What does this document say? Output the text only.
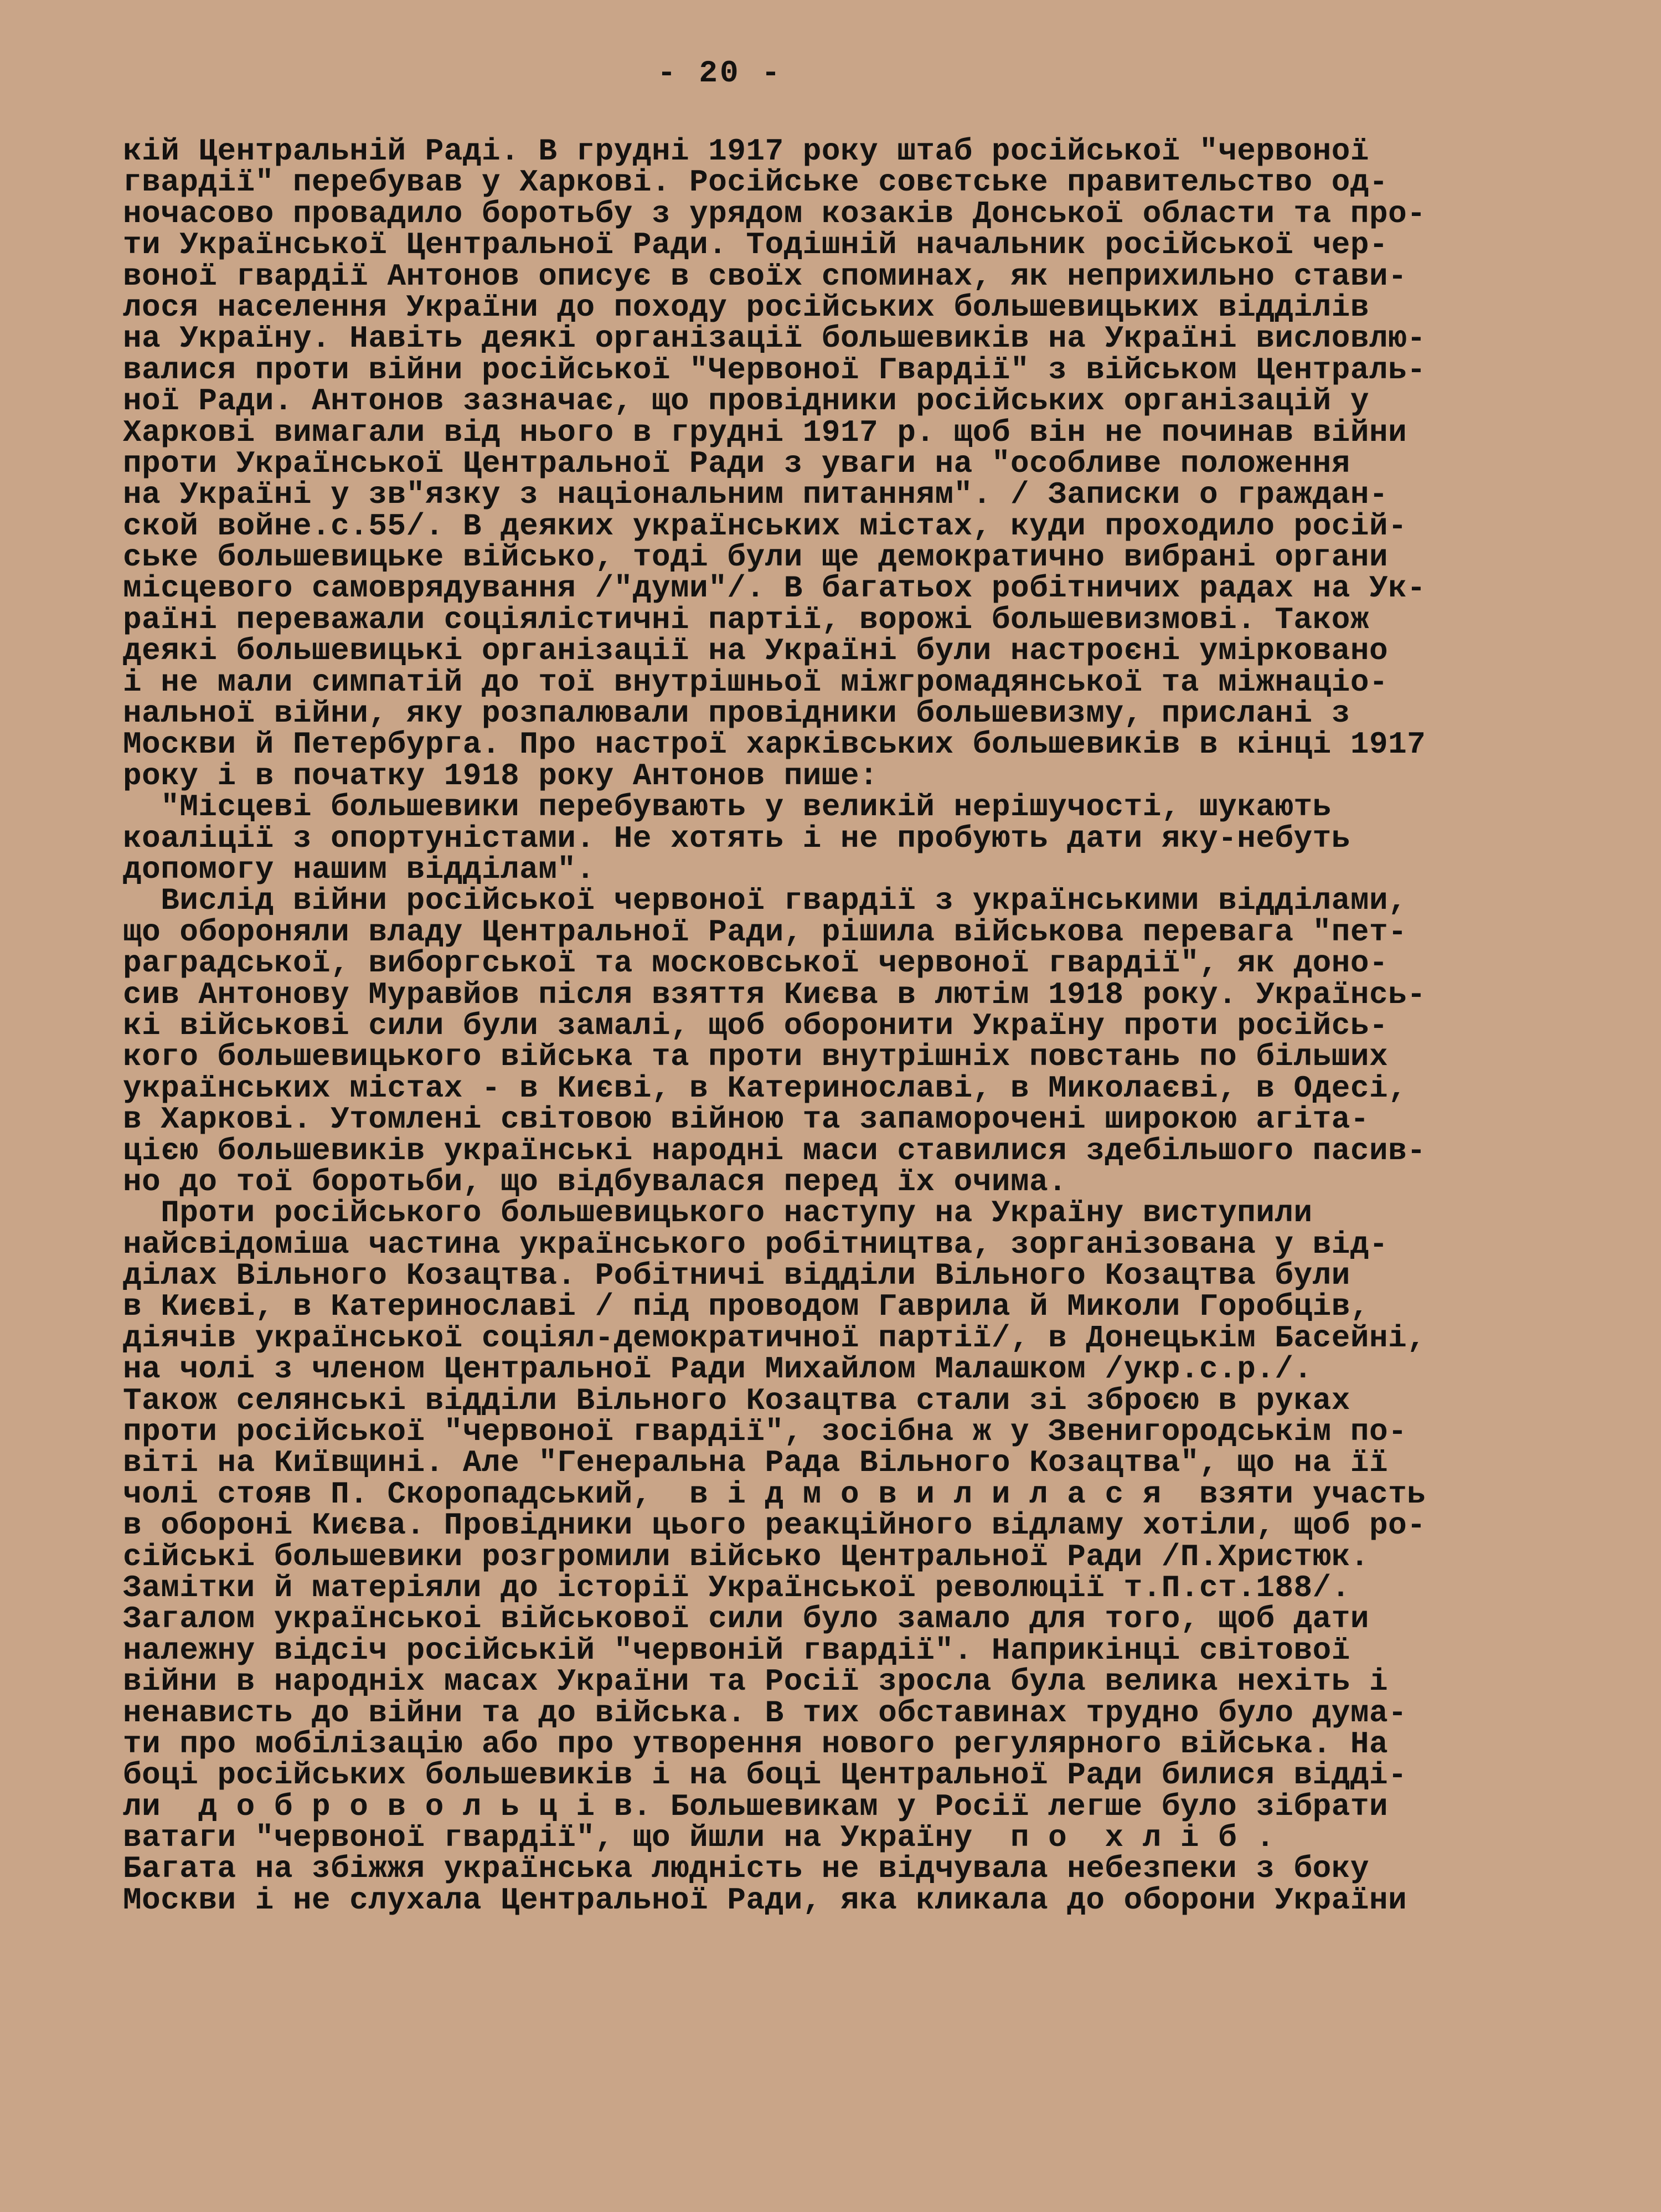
- 20 -
кій Центральній Раді. В грудні 1917 року штаб російської "червоної
гвардії" перебував у Харкові. Російське совєтське правительство од-
ночасово провадило боротьбу з урядом козаків Донської области та про-
ти Української Центральної Ради. Тодішній начальник російської чер-
воної гвардії Антонов описує в своїх споминах, як неприхильно стави-
лося населення України до походу російських большевицьких відділів
на Україну. Навіть деякі організації большевиків на Україні висловлю-
валися проти війни російської "Червоної Гвардії" з військом Централь-
ної Ради. Антонов зазначає, що провідники російських організацій у
Харкові вимагали від нього в грудні 1917 р. щоб він не починав війни
проти Української Центральної Ради з уваги на "особливе положення
на Україні у зв"язку з національним питанням". / Записки о граждан-
ской войне.с.55/. В деяких українських містах, куди проходило росій-
ське большевицьке військо, тоді були ще демократично вибрані органи
місцевого самоврядування /"думи"/. В багатьох робітничих радах на Ук-
раїні переважали соціялістичні партії, ворожі большевизмові. Також
деякі большевицькі організації на Україні були настроєні уміркованo
і не мали симпатій до тої внутрішньої міжгромадянської та міжнаціо-
нальної війни, яку розпалювали провідники большевизму, прислані з
Москви й Петербурга. Про настрої харківських большевиків в кінці 1917
року і в початку 1918 року Антонов пише:
"Місцеві большевики перебувають у великій нерішучості, шукають
коаліції з опортуністами. Не хотять і не пробують дати яку-небуть
допомогу нашим відділам".
Вислід війни російської червоної гвардії з українськими відділами,
що обороняли владу Центральної Ради, рішила військова перевага "пет-
раградської, виборгської та московської червоної гвардії", як доно-
сив Антонову Муравйов після взяття Києва в лютім 1918 року. Українсь-
кі військові сили були замалі, щоб оборонити Україну проти російсь-
кого большевицького війська та проти внутрішніх повстань по більших
українських містах - в Києві, в Катеринославі, в Миколаєві, в Одесі,
в Харкові. Утомлені світовою війною та запаморочені широкою агіта-
цією большевиків українські народні маси ставилися здебільшого пасив-
но до тої боротьби, що відбувалася перед їх очима.
Проти російського большевицького наступу на Україну виступили
найсвідоміша частина українського робітництва, зорганізована у від-
ділах Вільного Козацтва. Робітничі відділи Вільного Козацтва були
в Києві, в Катеринославі / під проводом Гаврила й Миколи Горобців,
діячів української соціял-демократичної партії/, в Донецькім Басейні,
на чолі з членом Центральної Ради Михайлом Малашком /укр.с.р./.
Також селянські відділи Вільного Козацтва стали зі зброєю в руках
проти російської "червоної гвардії", зосібна ж у Звенигородськім по-
віті на Київщині. Але "Генеральна Рада Вільного Козацтва", що на її
чолі стояв П. Скоропадський,  в і д м о в и л и л а с я  взяти участь
в обороні Києва. Провідники цього реакційного відламу хотіли, щоб ро-
сійські большевики розгромили військо Центральної Ради /П.Христюк.
Замітки й матеріяли до історії Української революції т.П.ст.188/.
Загалом українськоі військової сили було замало для того, щоб дати
належну відсіч російській "червоній гвардії". Наприкінці світової
війни в народніх масах України та Росії зросла була велика нехіть і
ненависть до війни та до війська. В тих обставинах трудно було дума-
ти про мобілізацію або про утворення нового регулярного війська. На
боці російських большевиків і на боці Центральної Ради билися відді-
ли  д о б р о в о л ь ц і в. Большевикам у Росії легше було зібрати
ватаги "червоної гвардії", що йшли на Україну  п о  х л і б .
Багата на збіжжя українська людність не відчувала небезпеки з боку
Москви і не слухала Центральної Ради, яка кликала до оборони України
